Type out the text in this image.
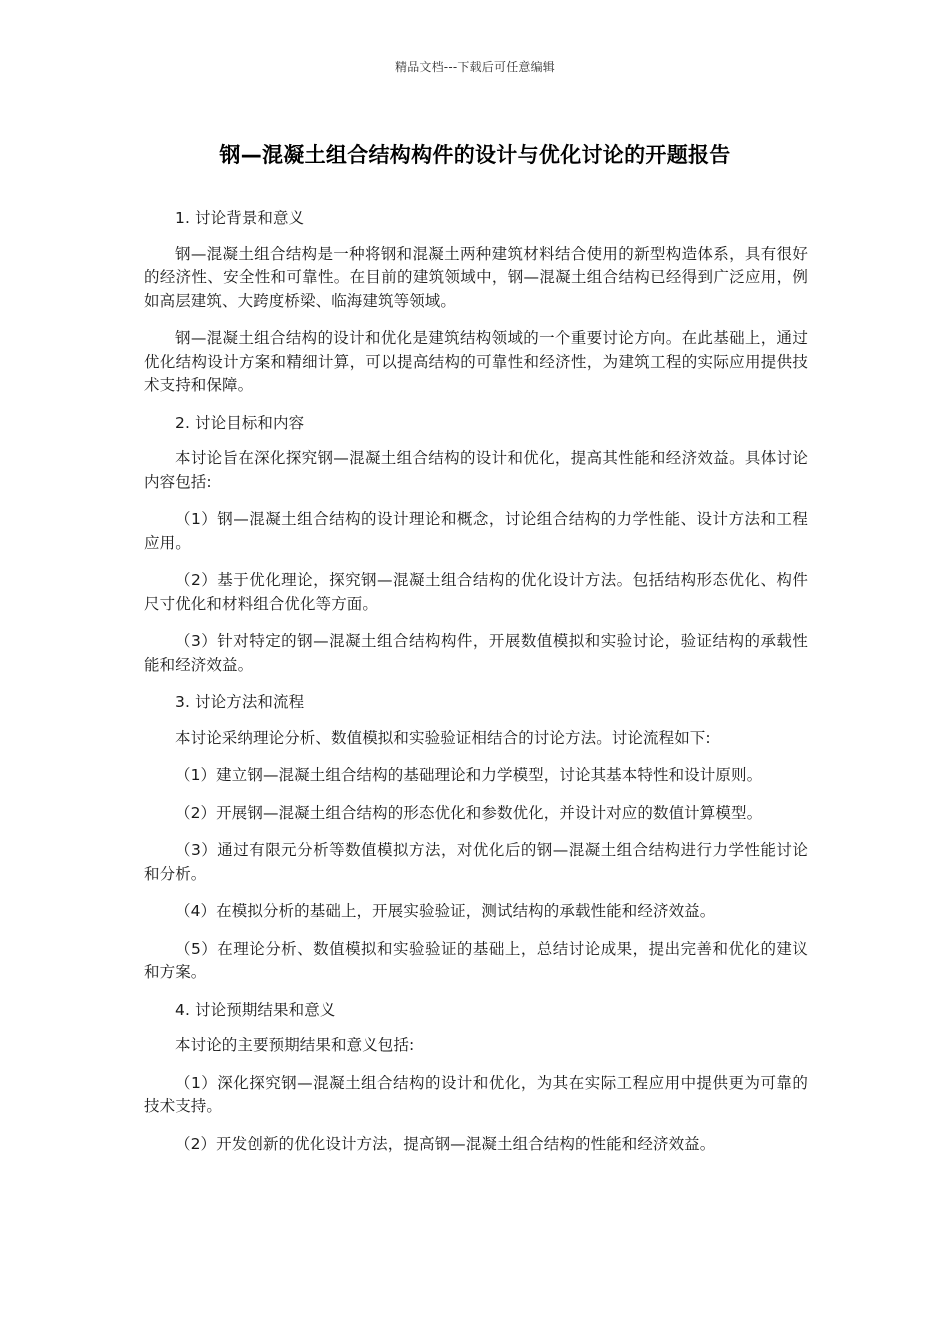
精品文档---下载后可任意编辑
钢—混凝土组合结构构件的设计与优化讨论的开题报告

1. 讨论背景和意义

钢—混凝土组合结构是一种将钢和混凝土两种建筑材料结合使用的新型构造体系，具有很好的经济性、安全性和可靠性。在目前的建筑领域中，钢—混凝土组合结构已经得到广泛应用，例如高层建筑、大跨度桥梁、临海建筑等领域。

钢—混凝土组合结构的设计和优化是建筑结构领域的一个重要讨论方向。在此基础上，通过优化结构设计方案和精细计算，可以提高结构的可靠性和经济性，为建筑工程的实际应用提供技术支持和保障。

2. 讨论目标和内容

本讨论旨在深化探究钢—混凝土组合结构的设计和优化，提高其性能和经济效益。具体讨论内容包括:

（1）钢—混凝土组合结构的设计理论和概念，讨论组合结构的力学性能、设计方法和工程应用。

（2）基于优化理论，探究钢—混凝土组合结构的优化设计方法。包括结构形态优化、构件尺寸优化和材料组合优化等方面。

（3）针对特定的钢—混凝土组合结构构件，开展数值模拟和实验讨论，验证结构的承载性能和经济效益。

3. 讨论方法和流程

本讨论采纳理论分析、数值模拟和实验验证相结合的讨论方法。讨论流程如下:

（1）建立钢—混凝土组合结构的基础理论和力学模型，讨论其基本特性和设计原则。

（2）开展钢—混凝土组合结构的形态优化和参数优化，并设计对应的数值计算模型。

（3）通过有限元分析等数值模拟方法，对优化后的钢—混凝土组合结构进行力学性能讨论和分析。

（4）在模拟分析的基础上，开展实验验证，测试结构的承载性能和经济效益。

（5）在理论分析、数值模拟和实验验证的基础上，总结讨论成果，提出完善和优化的建议和方案。

4. 讨论预期结果和意义

本讨论的主要预期结果和意义包括:

（1）深化探究钢—混凝土组合结构的设计和优化，为其在实际工程应用中提供更为可靠的技术支持。

（2）开发创新的优化设计方法，提高钢—混凝土组合结构的性能和经济效益。
